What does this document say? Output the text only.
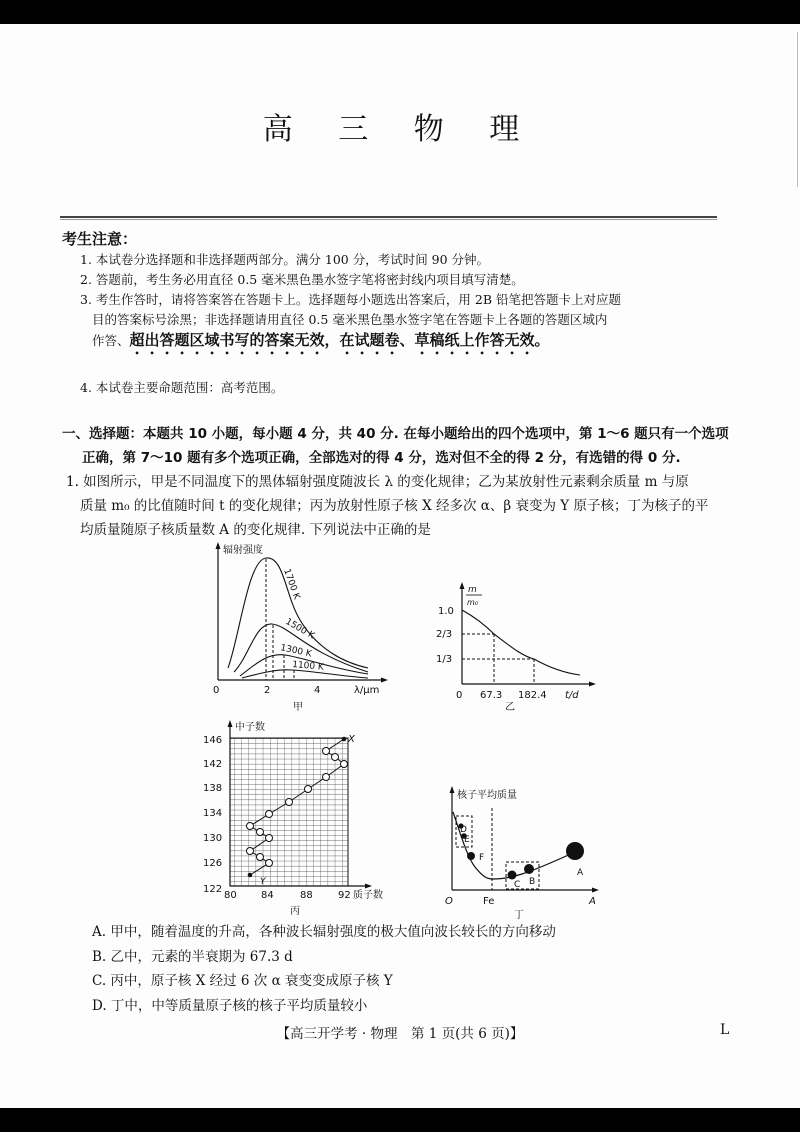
高 三 物 理
考生注意：
1. 本试卷分选择题和非选择题两部分。满分 100 分，考试时间 90 分钟。
2. 答题前，考生务必用直径 0.5 毫米黑色墨水签字笔将密封线内项目填写清楚。
3. 考生作答时，请将答案答在答题卡上。选择题每小题选出答案后，用 2B 铅笔把答题卡上对应题
目的答案标号涂黑；非选择题请用直径 0.5 毫米黑色墨水签字笔在答题卡上各题的答题区域内
作答、超出答题区域书写的答案无效，在试题卷、草稿纸上作答无效。
4. 本试卷主要命题范围：高考范围。
一、选择题：本题共 10 小题，每小题 4 分，共 40 分. 在每小题给出的四个选项中，第 1～6 题只有一个选项
正确，第 7～10 题有多个选项正确，全部选对的得 4 分，选对但不全的得 2 分，有选错的得 0 分.
1. 如图所示，甲是不同温度下的黑体辐射强度随波长 λ 的变化规律；乙为某放射性元素剩余质量 m 与原
质量 m₀ 的比值随时间 t 的变化规律；丙为放射性原子核 X 经多次 α、β 衰变为 Y 原子核；丁为核子的平
均质量随原子核质量数 A 的变化规律. 下列说法中正确的是
辐射强度
0	2	4	λ/μm
甲
1700 K
1500 K
1300 K
1100 K
m
m₀
1.0
2/3
1/3
0 67.3 182.4 t/d
乙
中子数
146
142
138
134
130
126
122
80 84	88	92 质子数
丙
X
Y
核子平均质量
O	Fe	A
丁
D
E
F
C B
A
A. 甲中，随着温度的升高，各种波长辐射强度的极大值向波长较长的方向移动
B. 乙中，元素的半衰期为 67.3 d
C. 丙中，原子核 X 经过 6 次 α 衰变变成原子核 Y
D. 丁中，中等质量原子核的核子平均质量较小
【高三开学考 · 物理　第 1 页(共 6 页)】	L
